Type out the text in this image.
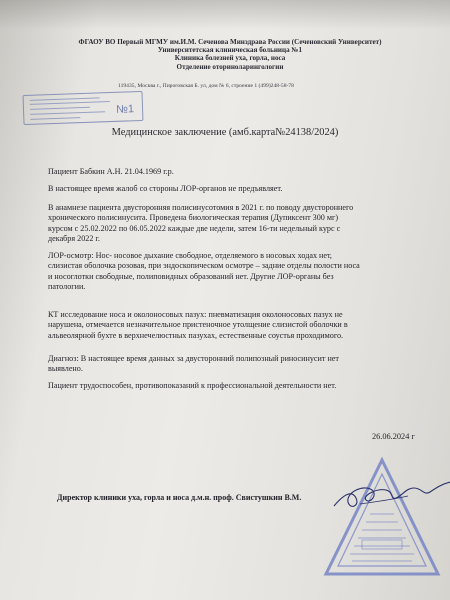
ФГАОУ ВО Первый МГМУ им.И.М. Сеченова Минздрава России (Сеченовский Университет)
Университетская клиническая больница №1
Клиника болезней уха, горла, носа
Отделение оториноларингологии
119435, Москва г., Пироговская Б. ул, дом № 6, строение 1 (499)248-58-78
№1
Медицинское заключение (амб.карта№24138/2024)
Пациент Бабкин А.Н. 21.04.1969 г.р.
В настоящее время жалоб со стороны ЛОР-органов не предъявляет.
В анамнезе пациента двусторонняя полисинусотомия в 2021 г. по поводу двустороннего
хронического полисинусита. Проведена биологическая терапия (Дупиксент 300 мг)
курсом с 25.02.2022 по 06.05.2022 каждые две недели, затем 16-ти недельный курс с
декабря 2022 г.
ЛОР-осмотр: Нос- носовое дыхание свободное, отделяемого в носовых ходах нет,
слизистая оболочка розовая, при эндоскопическом осмотре – задние отделы полости носа
и носоглотки свободные, полиповидных образований нет. Другие ЛОР-органы без
патологии.
КТ исследование носа и околоносовых пазух: пневматизация околоносовых пазух не
нарушена, отмечается незначительное пристеночное утолщение слизистой оболочки в
альвеолярной бухте в верхнечелюстных пазухах, естественные соустья проходимого.
Диагноз: В настоящее время данных за двусторонний полипозный риносинусит нет
выявлено.
Пациент трудоспособен, противопоказаний к профессиональной деятельности нет.
26.06.2024 г
Директор клиники уха, горла и носа д.м.н. проф. Свистушкин В.М.
